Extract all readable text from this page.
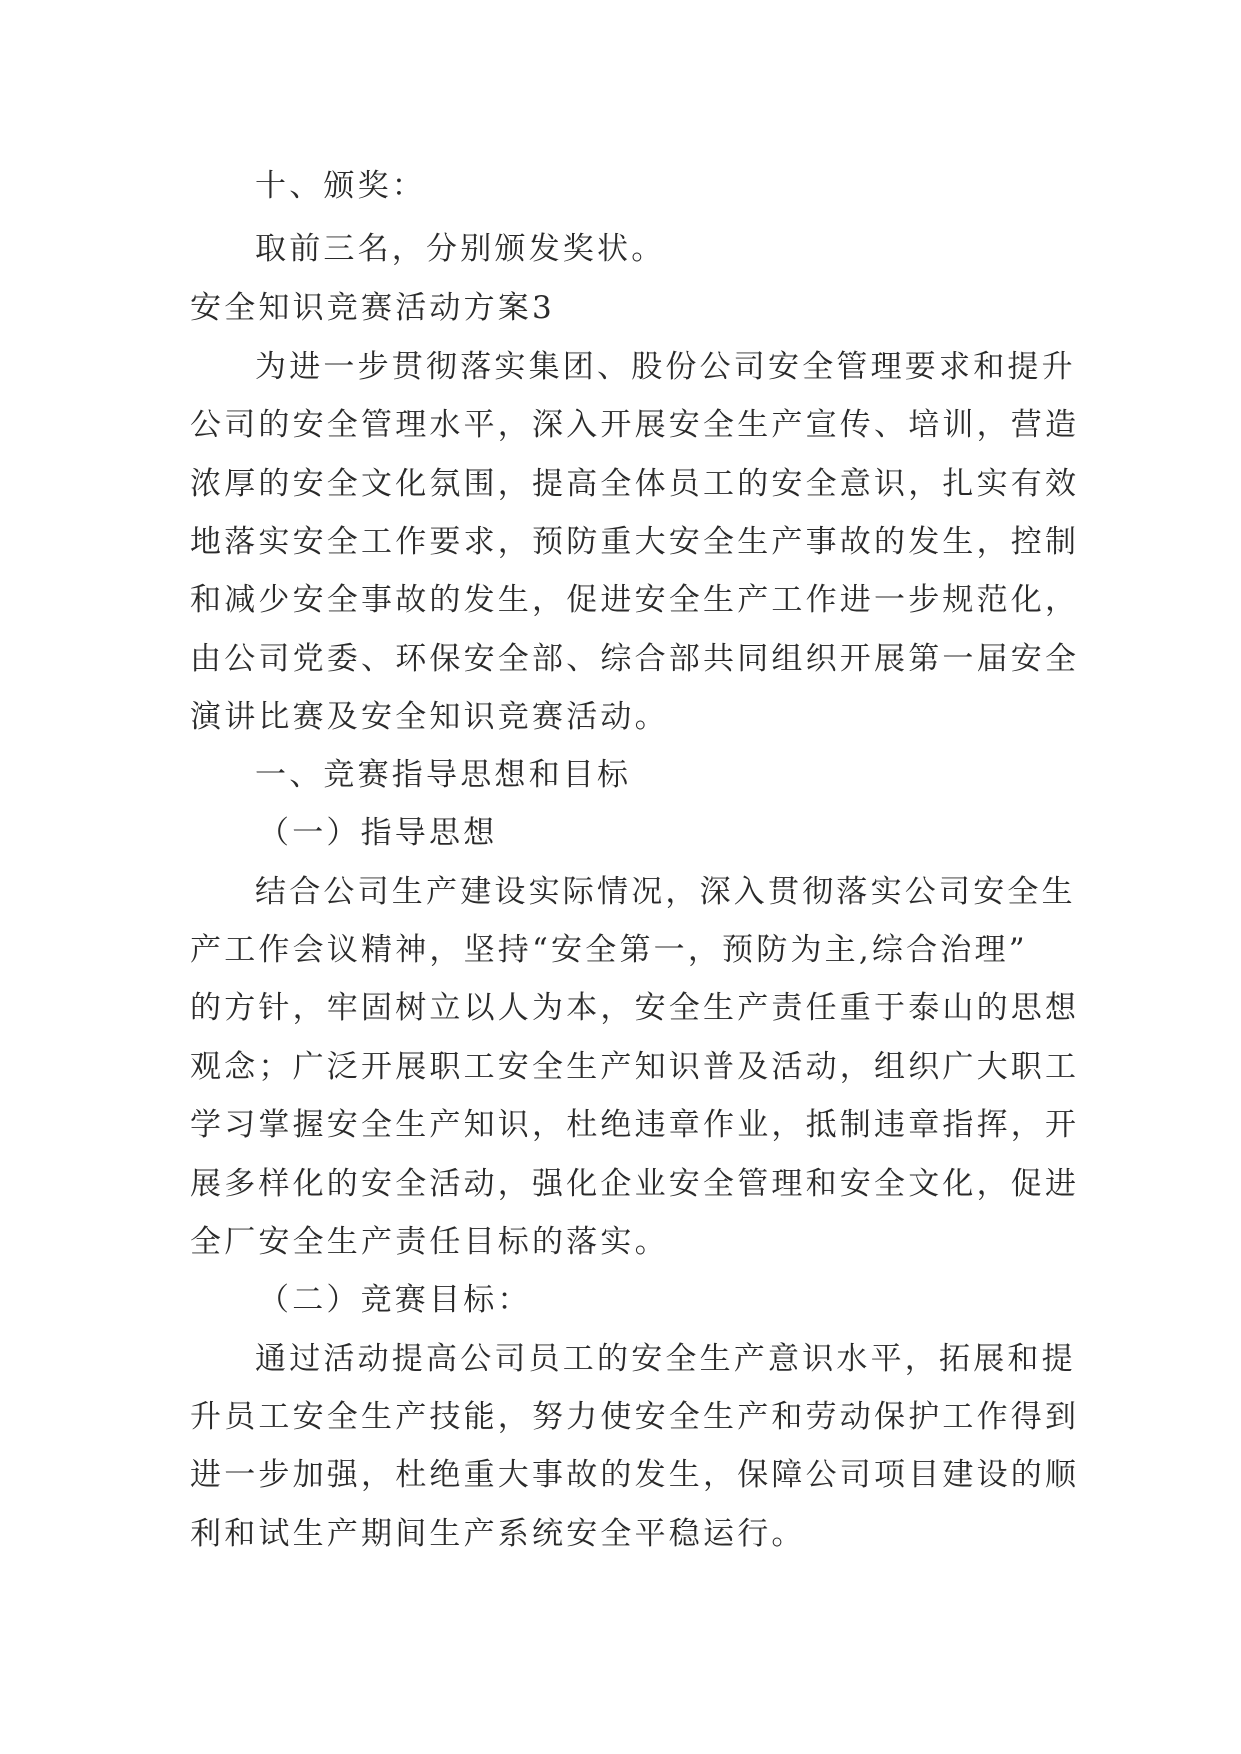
十、颁奖：
取前三名，分别颁发奖状。
安全知识竞赛活动方案3
为进一步贯彻落实集团、股份公司安全管理要求和提升
公司的安全管理水平，深入开展安全生产宣传、培训，营造
浓厚的安全文化氛围，提高全体员工的安全意识，扎实有效
地落实安全工作要求，预防重大安全生产事故的发生，控制
和减少安全事故的发生，促进安全生产工作进一步规范化，
由公司党委、环保安全部、综合部共同组织开展第一届安全
演讲比赛及安全知识竞赛活动。
一、竞赛指导思想和目标
（一）指导思想
结合公司生产建设实际情况，深入贯彻落实公司安全生
产工作会议精神，坚持“安全第一，预防为主,综合治理”
的方针，牢固树立以人为本，安全生产责任重于泰山的思想
观念；广泛开展职工安全生产知识普及活动，组织广大职工
学习掌握安全生产知识，杜绝违章作业，抵制违章指挥，开
展多样化的安全活动，强化企业安全管理和安全文化，促进
全厂安全生产责任目标的落实。
（二）竞赛目标：
通过活动提高公司员工的安全生产意识水平，拓展和提
升员工安全生产技能，努力使安全生产和劳动保护工作得到
进一步加强，杜绝重大事故的发生，保障公司项目建设的顺
利和试生产期间生产系统安全平稳运行。
